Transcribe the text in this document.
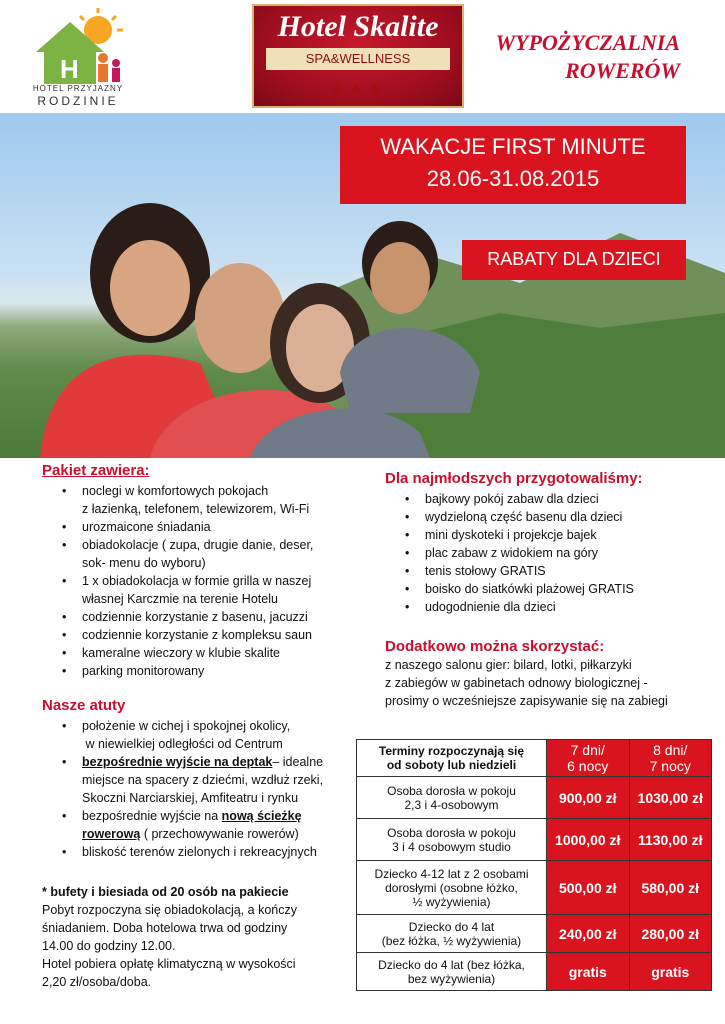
H
HOTEL PRZYJAZNY
RODZINIE
Hotel Skalite
SPA&WELLNESS
★★★
WYPOŻYCZALNIA
ROWERÓW
WAKACJE FIRST MINUTE
28.06-31.08.2015
RABATY DLA DZIECI
Pakiet zawiera:
• noclegi w komfortowych pokojach
z łazienką, telefonem, telewizorem, Wi-Fi
• urozmaicone śniadania
• obiadokolacje ( zupa, drugie danie, deser,
sok- menu do wyboru)
• 1 x obiadokolacja w formie grilla w naszej
własnej Karczmie na terenie Hotelu
• codziennie korzystanie z basenu, jacuzzi
• codziennie korzystanie z kompleksu saun
• kameralne wieczory w klubie skalite
• parking monitorowany
Nasze atuty
• położenie w cichej i spokojnej okolicy,
w niewielkiej odległości od Centrum
• bezpośrednie wyjście na deptak– idealne
miejsce na spacery z dziećmi, wzdłuż rzeki,
Skoczni Narciarskiej, Amfiteatru i rynku
• bezpośrednie wyjście na nową ścieżkę
rowerową ( przechowywanie rowerów)
• bliskość terenów zielonych i rekreacyjnych
* bufety i biesiada od 20 osób na pakiecie
Pobyt rozpoczyna się obiadokolacją, a kończy
śniadaniem. Doba hotelowa trwa od godziny
14.00 do godziny 12.00.
Hotel pobiera opłatę klimatyczną w wysokości
2,20 zł/osoba/doba.
Dla najmłodszych przygotowaliśmy:
• bajkowy pokój zabaw dla dzieci
• wydzieloną część basenu dla dzieci
• mini dyskoteki i projekcje bajek
• plac zabaw z widokiem na góry
• tenis stołowy GRATIS
• boisko do siatkówki plażowej GRATIS
• udogodnienie dla dzieci
Dodatkowo można skorzystać:
z naszego salonu gier: bilard, lotki, piłkarzyki
z zabiegów w gabinetach odnowy biologicznej -
prosimy o wcześniejsze zapisywanie się na zabiegi
Terminy rozpoczynają się
od soboty lub niedzieli	7 dni/
6 nocy	8 dni/
7 nocy
Osoba dorosła w pokoju
2,3 i 4-osobowym	900,00 zł	1030,00 zł
Osoba dorosła w pokoju
3 i 4 osobowym studio	1000,00 zł	1130,00 zł
Dziecko 4-12 lat z 2 osobami
dorosłymi (osobne łóżko,
½ wyżywienia)	500,00 zł	580,00 zł
Dziecko do 4 lat
(bez łóżka, ½ wyżywienia)	240,00 zł	280,00 zł
Dziecko do 4 lat (bez łóżka,
bez wyżywienia)	gratis	gratis
